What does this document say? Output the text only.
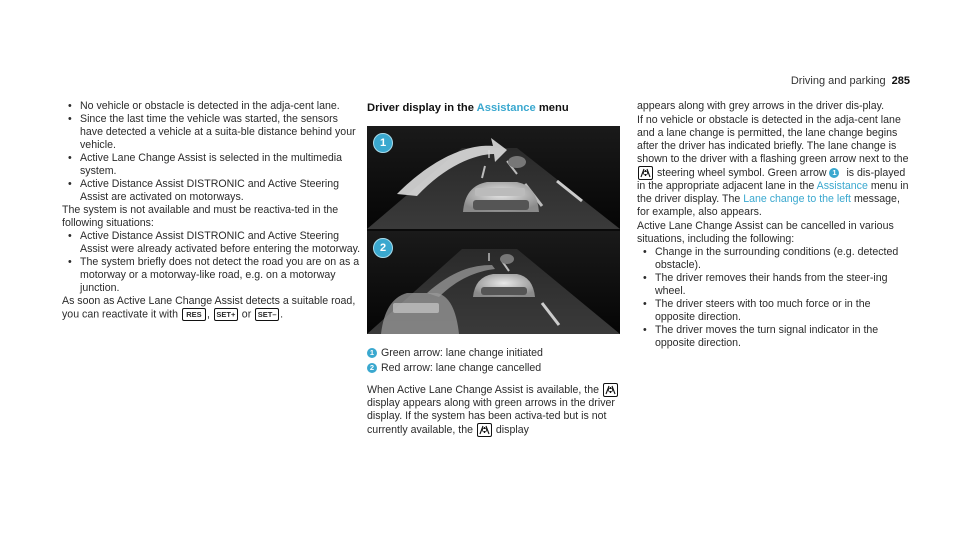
Driving and parking 285
• No vehicle or obstacle is detected in the adja-cent lane.
• Since the last time the vehicle was started, the sensors have detected a vehicle at a suita-ble distance behind your vehicle.
• Active Lane Change Assist is selected in the multimedia system.
• Active Distance Assist DISTRONIC and Active Steering Assist are activated on motorways.

The system is not available and must be reactiva-ted in the following situations:

• Active Distance Assist DISTRONIC and Active Steering Assist were already activated before entering the motorway.
• The system briefly does not detect the road you are on as a motorway or a motorway-like road, e.g. on a motorway junction.

As soon as Active Lane Change Assist detects a suitable road, you can reactivate it with RES , SET+ or SET– .

Driver display in the Assistance menu
1
2
1 Green arrow: lane change initiated
2 Red arrow: lane change cancelled

When Active Lane Change Assist is available, the
display appears along with green arrows in the driver display. If the system has been activa-ted but is not currently available, the display

appears along with grey arrows in the driver dis-play.

If no vehicle or obstacle is detected in the adja-cent lane and a lane change is permitted, the lane change begins after the driver has indicated briefly. The lane change is shown to the driver with a flashing green arrow next to the
steering wheel symbol. Green arrow 1 is dis-played in the appropriate adjacent lane in the Assistance menu in the driver display. The Lane change to the left message, for example, also appears.

Active Lane Change Assist can be cancelled in various situations, including the following:

• Change in the surrounding conditions (e.g. detected obstacle).
• The driver removes their hands from the steer-ing wheel.
• The driver steers with too much force or in the opposite direction.
• The driver moves the turn signal indicator in the opposite direction.
